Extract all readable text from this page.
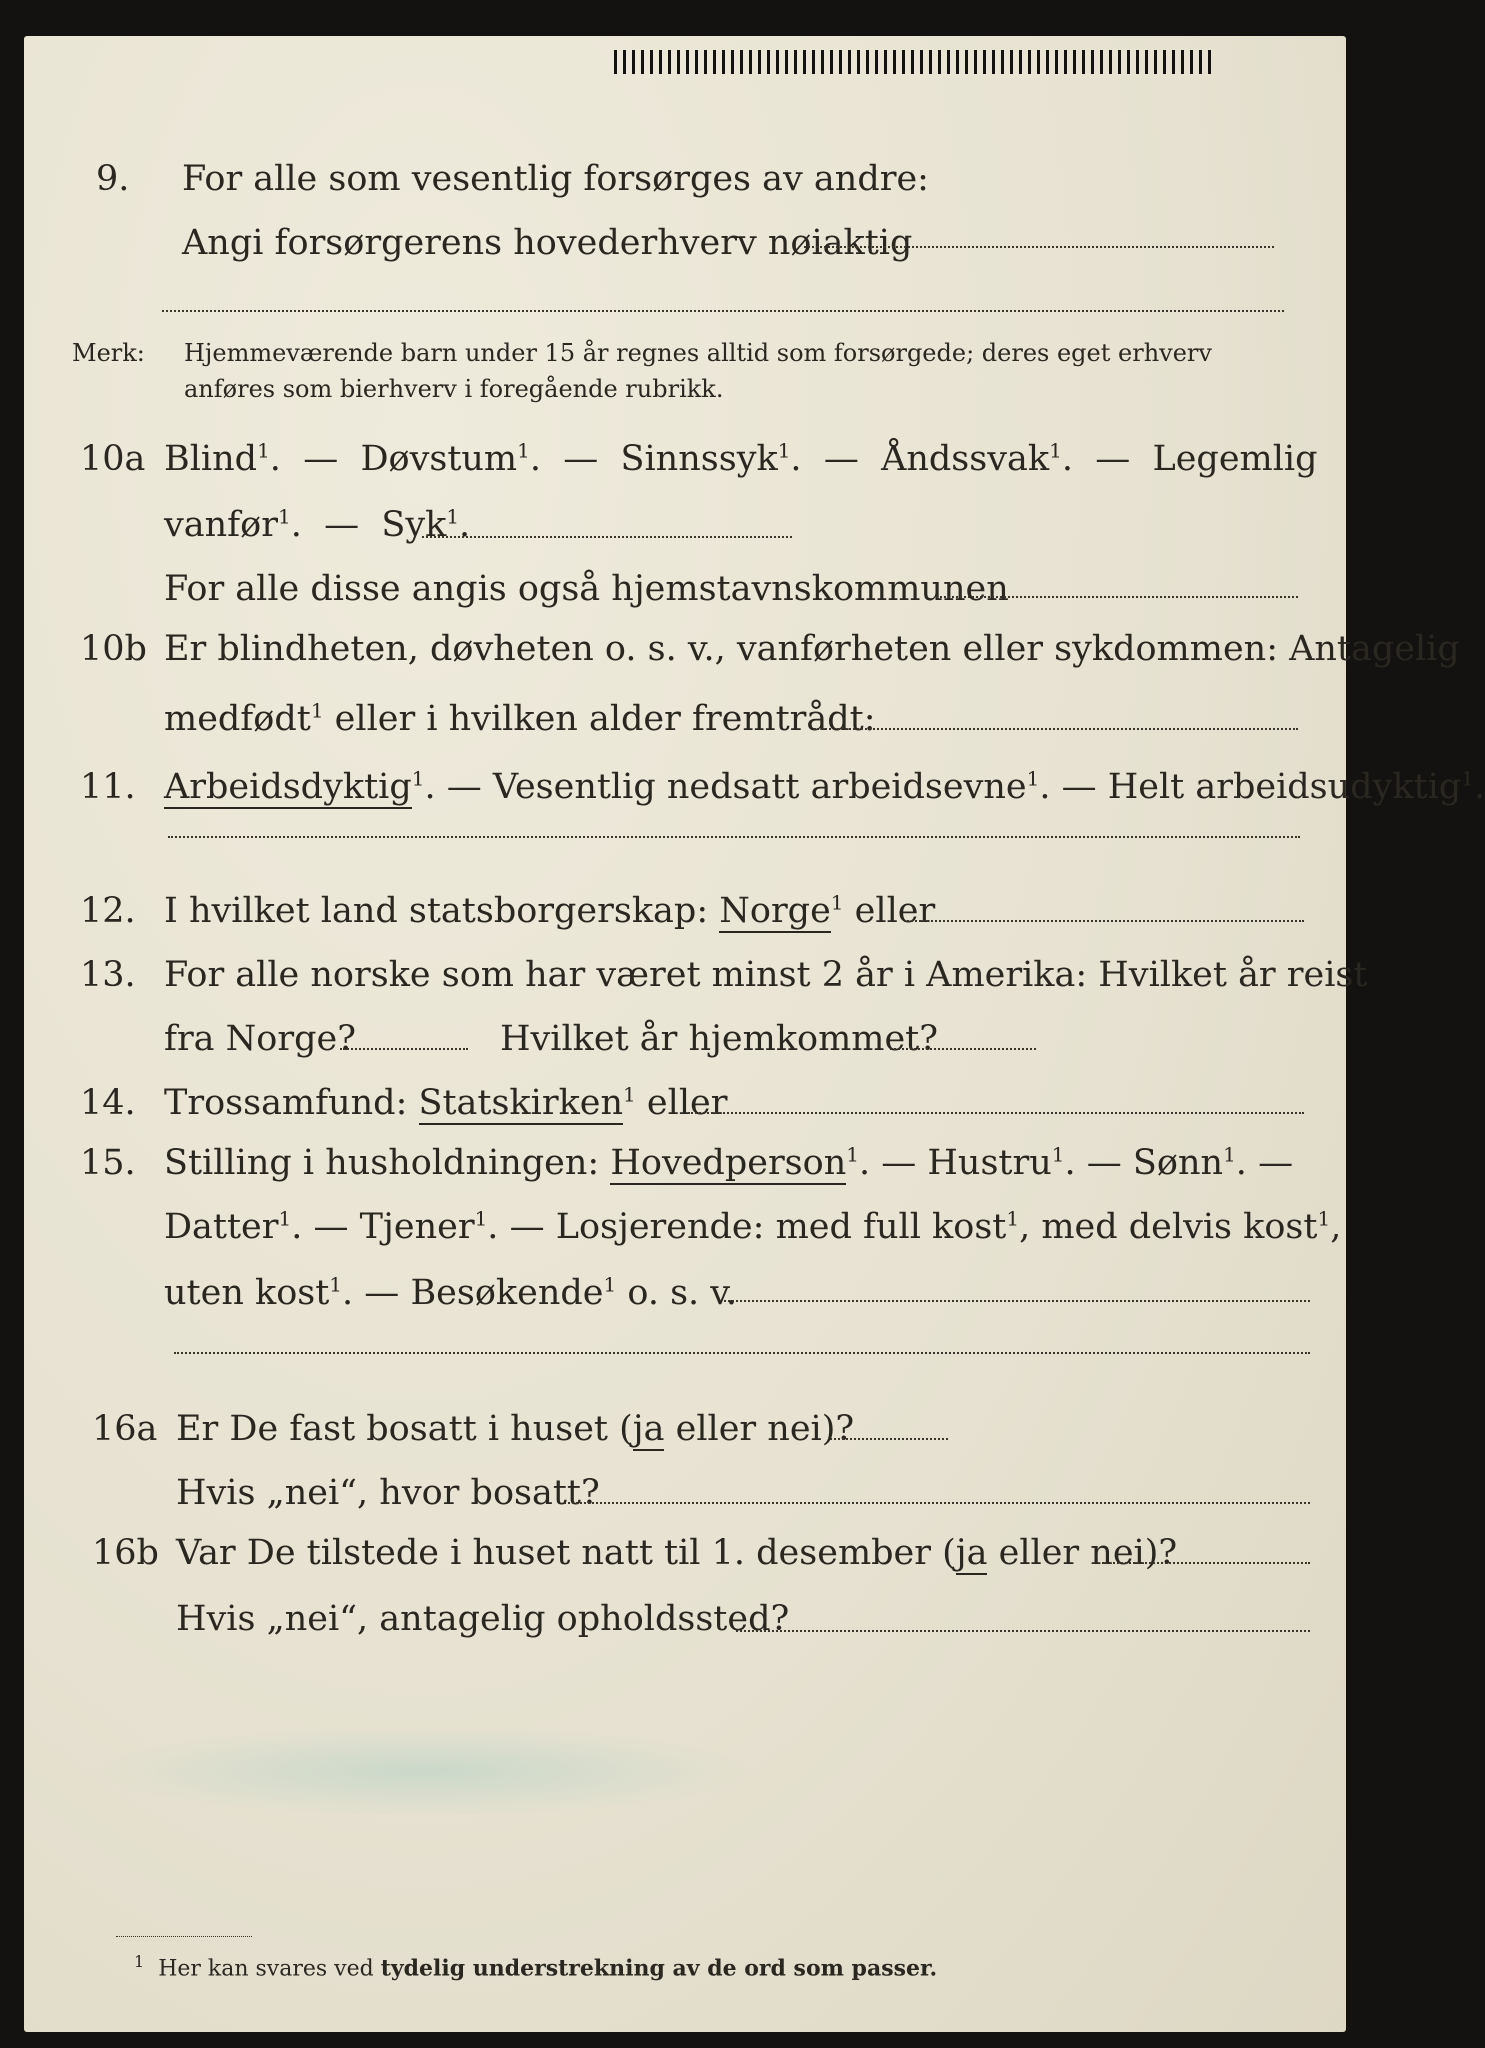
9. For alle som vesentlig forsørges av andre:
Angi forsørgerens hovederhverv nøiaktig
Merk: Hjemmeværende barn under 15 år regnes alltid som forsørgede; deres eget erhverv
anføres som bierhverv i foregående rubrikk.
10a Blind$^1$.  — Døvstum$^1$.  — Sinnssyk$^1$.  — Åndssvak$^1$.  — Legemlig
vanfør$^1$.  — Syk$^1$.
For alle disse angis også hjemstavnskommunen
10b Er blindheten, døvheten o. s. v., vanførheten eller sykdommen: Antagelig
medfødt$^1$ eller i hvilken alder fremtrådt:
11. Arbeidsdyktig$^1$. — Vesentlig nedsatt arbeidsevne$^1$. — Helt arbeidsudyktig$^1$.
12. I hvilket land statsborgerskap: Norge$^1$ eller
13. For alle norske som har været minst 2 år i Amerika: Hvilket år reist
fra Norge?	Hvilket år hjemkommet?
14. Trossamfund: Statskirken$^1$ eller
15. Stilling i husholdningen: Hovedperson$^1$. — Hustru$^1$. — Sønn$^1$. —
Datter$^1$. — Tjener$^1$. — Losjerende: med full kost$^1$, med delvis kost$^1$,
uten kost$^1$. — Besøkende$^1$ o. s. v.
16a Er De fast bosatt i huset (ja eller nei)?
Hvis „nei“, hvor bosatt?
16b Var De tilstede i huset natt til 1. desember (ja eller nei)?
Hvis „nei“, antagelig opholdssted?
$^1$ Her kan svares ved tydelig understrekning av de ord som passer.
